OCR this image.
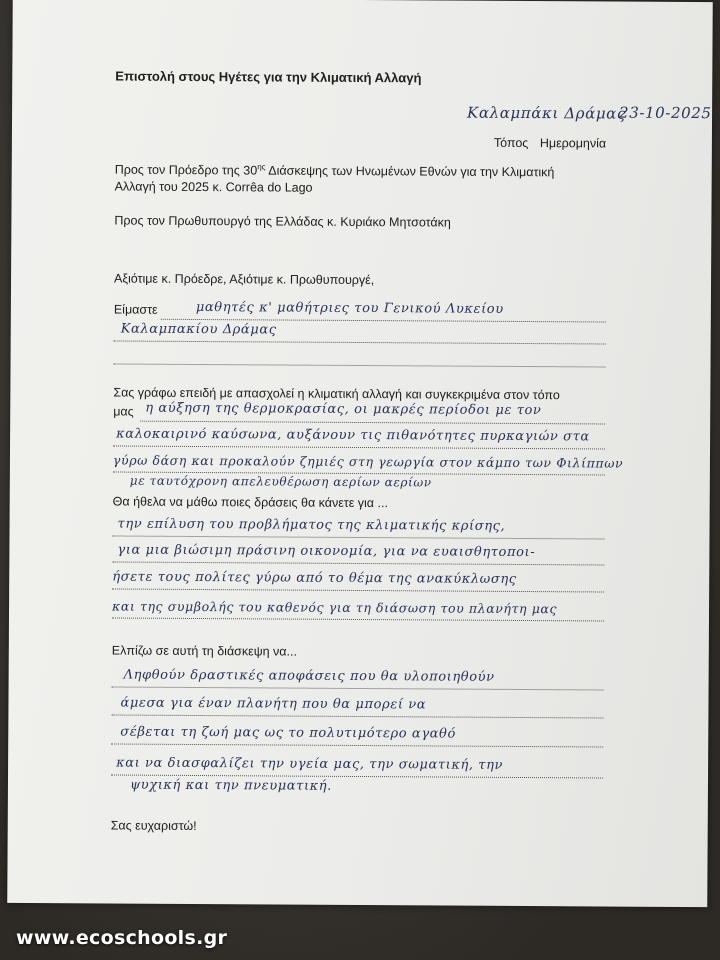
Επιστολή στους Ηγέτες για την Κλιματική Αλλαγή
Καλαμπάκι Δράμας
23-10-2025
Τόπος Ημερομηνία
Προς τον Πρόεδρο της $30^{\eta\varsigma}$ Διάσκεψης των Ηνωμένων Εθνών για την Κλιματική
Αλλαγή του 2025 κ. Corrêa do Lago
Προς τον Πρωθυπουργό της Ελλάδας κ. Κυριάκο Μητσοτάκη
Αξιότιμε κ. Πρόεδρε, Αξιότιμε κ. Πρωθυπουργέ,
Είμαστε	μαθητές κ' μαθήτριες του Γενικού Λυκείου
Καλαμπακίου Δράμας
Σας γράφω επειδή με απασχολεί η κλιματική αλλαγή και συγκεκριμένα στον τόπο
μας η αύξηση της θερμοκρασίας, οι μακρές περίοδοι με τον
καλοκαιρινό καύσωνα, αυξάνουν τις πιθανότητες πυρκαγιών στα
γύρω δάση και προκαλούν ζημιές στη γεωργία στον κάμπο των Φιλίππων
με ταυτόχρονη απελευθέρωση αερίων αερίων
Θα ήθελα να μάθω ποιες δράσεις θα κάνετε για ...
την επίλυση του προβλήματος της κλιματικής κρίσης,
για μια βιώσιμη πράσινη οικονομία, για να ευαισθητοποι-
ήσετε τους πολίτες γύρω από το θέμα της ανακύκλωσης
και της συμβολής του καθενός για τη διάσωση του πλανήτη μας
Ελπίζω σε αυτή τη διάσκεψη να...
Ληφθούν δραστικές αποφάσεις που θα υλοποιηθούν
άμεσα για έναν πλανήτη που θα μπορεί να
σέβεται τη ζωή μας ως το πολυτιμότερο αγαθό
και να διασφαλίζει την υγεία μας, την σωματική, την
ψυχική και την πνευματική.
Σας ευχαριστώ!
www.ecoschools.gr
